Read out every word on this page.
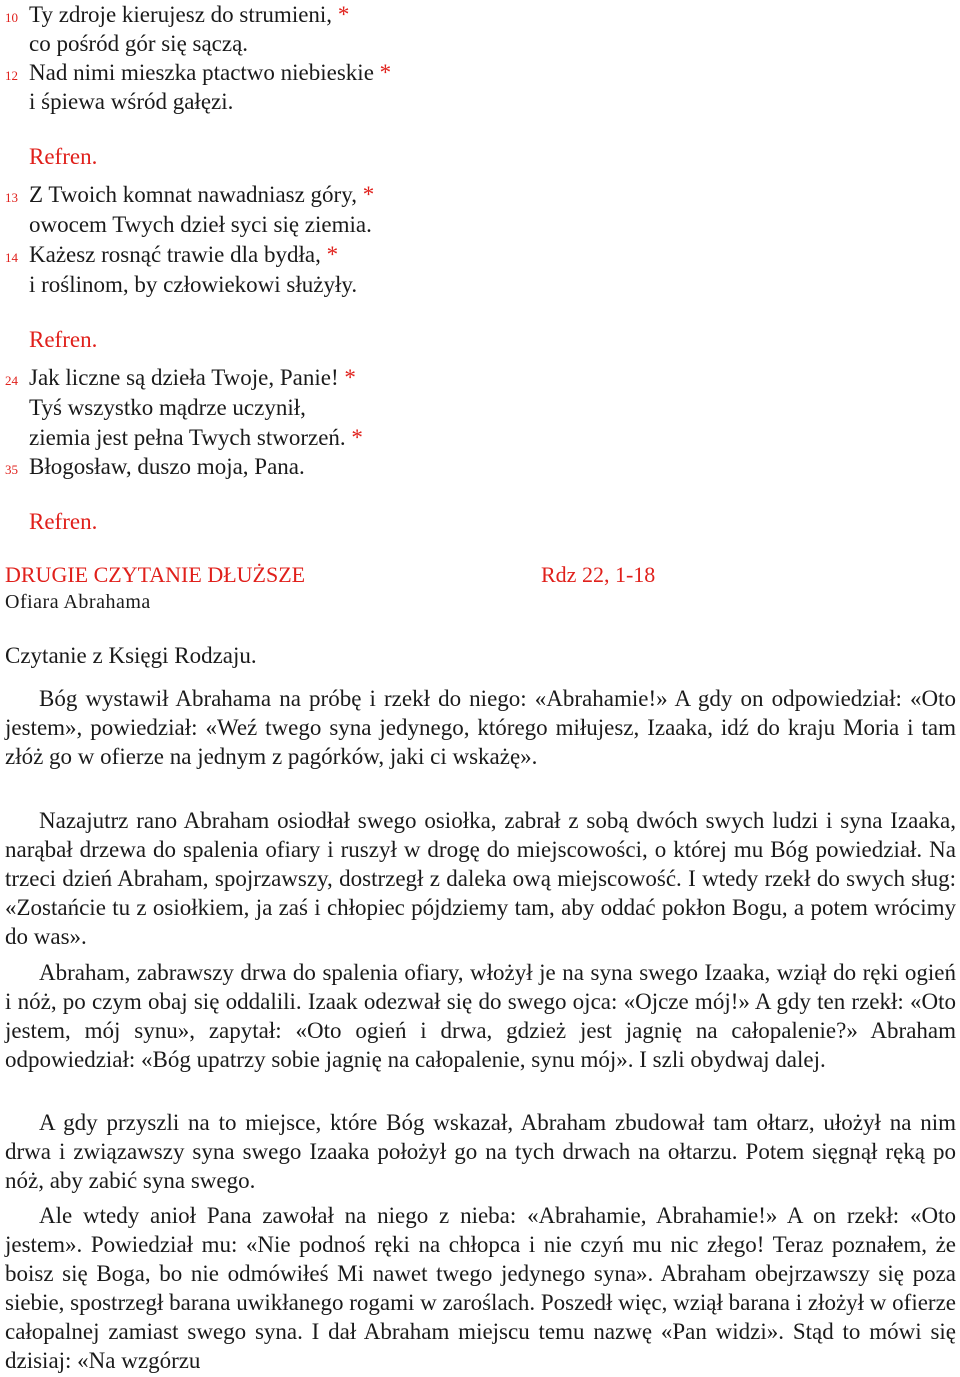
10 Ty zdroje kierujesz do strumieni, *
co pośród gór się sączą.
12 Nad nimi mieszka ptactwo niebieskie *
i śpiewa wśród gałęzi.
Refren.
13 Z Twoich komnat nawadniasz góry, *
owocem Twych dzieł syci się ziemia.
14 Każesz rosnąć trawie dla bydła, *
i roślinom, by człowiekowi służyły.
Refren.
24 Jak liczne są dzieła Twoje, Panie! *
Tyś wszystko mądrze uczynił,
ziemia jest pełna Twych stworzeń. *
35 Błogosław, duszo moja, Pana.
Refren.
DRUGIE CZYTANIE DŁUŻSZE	Rdz 22, 1-18
Ofiara Abrahama
Czytanie z Księgi Rodzaju.

Bóg wystawił Abrahama na próbę i rzekł do niego: «Abrahamie!» A gdy on odpowiedział: «Oto jestem», powiedział: «Weź twego syna jedynego, którego miłujesz, Izaaka, idź do kraju Moria i tam złóż go w ofierze na jednym z pagórków, jaki ci wskażę».

Nazajutrz rano Abraham osiodłał swego osiołka, zabrał z sobą dwóch swych ludzi i syna Izaaka, narąbał drzewa do spalenia ofiary i ruszył w drogę do miejscowości, o której mu Bóg powiedział. Na trzeci dzień Abraham, spojrzawszy, dostrzegł z daleka ową miejscowość. I wtedy rzekł do swych sług: «Zostańcie tu z osiołkiem, ja zaś i chłopiec pójdziemy tam, aby oddać pokłon Bogu, a potem wrócimy do was».

Abraham, zabrawszy drwa do spalenia ofiary, włożył je na syna swego Izaaka, wziął do ręki ogień i nóż, po czym obaj się oddalili. Izaak odezwał się do swego ojca: «Ojcze mój!» A gdy ten rzekł: «Oto jestem, mój synu», zapytał: «Oto ogień i drwa, gdzież jest jagnię na całopalenie?» Abraham odpowiedział: «Bóg upatrzy sobie jagnię na całopalenie, synu mój». I szli obydwaj dalej.

A gdy przyszli na to miejsce, które Bóg wskazał, Abraham zbudował tam ołtarz, ułożył na nim drwa i związawszy syna swego Izaaka położył go na tych drwach na ołtarzu. Potem sięgnął ręką po nóż, aby zabić syna swego.

Ale wtedy anioł Pana zawołał na niego z nieba: «Abrahamie, Abrahamie!» A on rzekł: «Oto jestem». Powiedział mu: «Nie podnoś ręki na chłopca i nie czyń mu nic złego! Teraz poznałem, że boisz się Boga, bo nie odmówiłeś Mi nawet twego jedynego syna». Abraham obejrzawszy się poza siebie, spostrzegł barana uwikłanego rogami w zaroślach. Poszedł więc, wziął barana i złożył w ofierze całopalnej zamiast swego syna. I dał Abraham miejscu temu nazwę «Pan widzi». Stąd to mówi się dzisiaj: «Na wzgórzu
